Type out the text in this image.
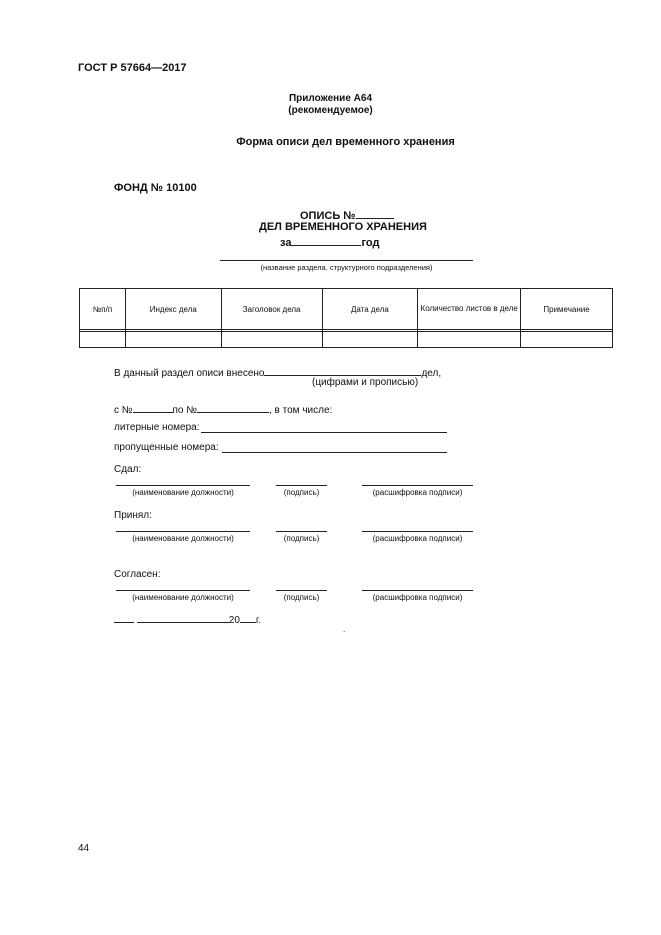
ГОСТ Р 57664—2017
Приложение А64
(рекомендуемое)
Форма описи дел временного хранения
ФОНД № 10100
ОПИСЬ №
ДЕЛ ВРЕМЕННОГО ХРАНЕНИЯ
за	год
(название раздела. структурного подразделения)
№п/п	Индекс дела	Заголовок дела	Дата дела	Количество листов в деле	Примечание

В данный раздел описи внесено	дел,
(цифрами и прописью)
с №	по №	, в том числе:
литерные номера:
пропущенные номера:
Сдал:
(наименование должности)	(подпись)	(расшифровка подписи)
Принял:
(наименование должности)	(подпись)	(расшифровка подписи)
Согласен:
(наименование должности)	(подпись)	(расшифровка подписи)
20 г.
.
44
